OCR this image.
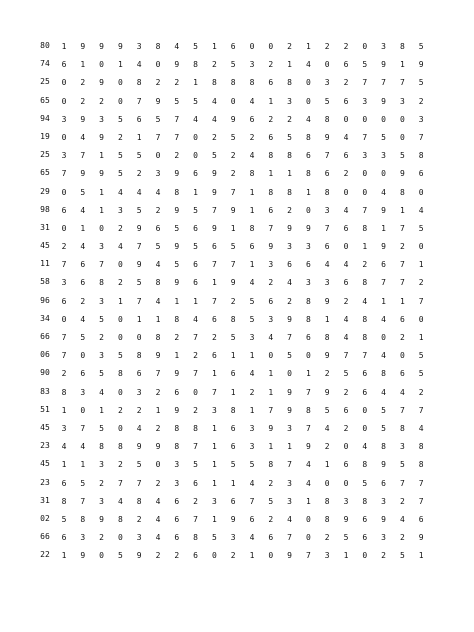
80	1	9	9	9	3	8	4	5	1	6	0	0	2	1	2	2	0	3	8	5
74	6	1	0	1	4	0	9	8	2	5	3	2	1	4	0	6	5	9	1	9
25	0	2	9	0	8	2	2	1	8	8	8	6	8	0	3	2	7	7	7	5
65	0	2	2	0	7	9	5	5	4	0	4	1	3	0	5	6	3	9	3	2
94	3	9	3	5	6	5	7	4	4	9	6	2	2	4	8	0	0	0	0	3
19	0	4	9	2	1	7	7	0	2	5	2	6	5	8	9	4	7	5	0	7
25	3	7	1	5	5	0	2	0	5	2	4	8	8	6	7	6	3	3	5	8
65	7	9	9	5	2	3	9	6	9	2	8	1	1	8	6	2	0	0	9	6
29	0	5	1	4	4	4	8	1	9	7	1	8	8	1	8	0	0	4	8	0
98	6	4	1	3	5	2	9	5	7	9	1	6	2	0	3	4	7	9	1	4
31	0	1	0	2	9	6	5	6	9	1	8	7	9	9	7	6	8	1	7	5
45	2	4	3	4	7	5	9	5	6	5	6	9	3	3	6	0	1	9	2	0
11	7	6	7	0	9	4	5	6	7	7	1	3	6	6	4	4	2	6	7	1
58	3	6	8	2	5	8	9	6	1	9	4	2	4	3	3	6	8	7	7	2
96	6	2	3	1	7	4	1	1	7	2	5	6	2	8	9	2	4	1	1	7
34	0	4	5	0	1	1	8	4	6	8	5	3	9	8	1	4	8	4	6	0
66	7	5	2	0	0	8	2	7	2	5	3	4	7	6	8	4	8	0	2	1
06	7	0	3	5	8	9	1	2	6	1	1	0	5	0	9	7	7	4	0	5
90	2	6	5	8	6	7	9	7	1	6	4	1	0	1	2	5	6	8	6	5
83	8	3	4	0	3	2	6	0	7	1	2	1	9	7	9	2	6	4	4	2
51	1	0	1	2	2	1	9	2	3	8	1	7	9	8	5	6	0	5	7	7
45	3	7	5	0	4	2	8	8	1	6	3	9	3	7	4	2	0	5	8	4
23	4	4	8	8	9	9	8	7	1	6	3	1	1	9	2	0	4	8	3	8
45	1	1	3	2	5	0	3	5	1	5	5	8	7	4	1	6	8	9	5	8
23	6	5	2	7	7	2	3	6	1	1	4	2	3	4	0	0	5	6	7	7
31	8	7	3	4	8	4	6	2	3	6	7	5	3	1	8	3	8	3	2	7
02	5	8	9	8	2	4	6	7	1	9	6	2	4	0	8	9	6	9	4	6
66	6	3	2	0	3	4	6	8	5	3	4	6	7	0	2	5	6	3	2	9
22	1	9	0	5	9	2	2	6	0	2	1	0	9	7	3	1	0	2	5	1
